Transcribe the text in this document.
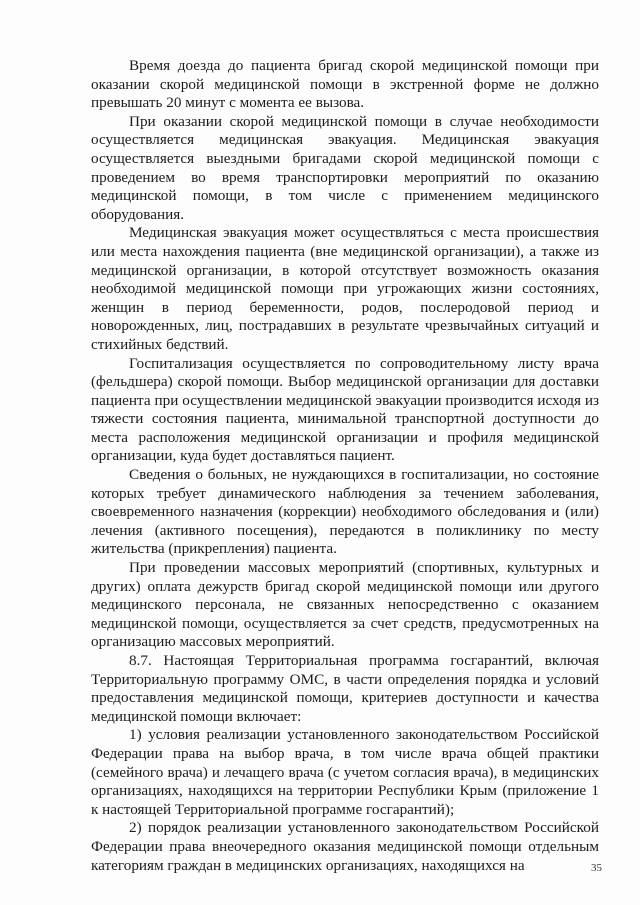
Время доезда до пациента бригад скорой медицинской помощи при оказании скорой медицинской помощи в экстренной форме не должно превышать 20 минут с момента ее вызова.

При оказании скорой медицинской помощи в случае необходимости осуществляется медицинская эвакуация. Медицинская эвакуация осуществляется выездными бригадами скорой медицинской помощи с проведением во время транспортировки мероприятий по оказанию медицинской помощи, в том числе с применением медицинского оборудования.

Медицинская эвакуация может осуществляться с места происшествия или места нахождения пациента (вне медицинской организации), а также из медицинской организации, в которой отсутствует возможность оказания необходимой медицинской помощи при угрожающих жизни состояниях, женщин в период беременности, родов, послеродовой период и новорожденных, лиц, пострадавших в результате чрезвычайных ситуаций и стихийных бедствий.

Госпитализация осуществляется по сопроводительному листу врача (фельдшера) скорой помощи. Выбор медицинской организации для доставки пациента при осуществлении медицинской эвакуации производится исходя из тяжести состояния пациента, минимальной транспортной доступности до места расположения медицинской организации и профиля медицинской организации, куда будет доставляться пациент.

Сведения о больных, не нуждающихся в госпитализации, но состояние которых требует динамического наблюдения за течением заболевания, своевременного назначения (коррекции) необходимого обследования и (или) лечения (активного посещения), передаются в поликлинику по месту жительства (прикрепления) пациента.

При проведении массовых мероприятий (спортивных, культурных и других) оплата дежурств бригад скорой медицинской помощи или другого медицинского персонала, не связанных непосредственно с оказанием медицинской помощи, осуществляется за счет средств, предусмотренных на организацию массовых мероприятий.

8.7. Настоящая Территориальная программа госгарантий, включая Территориальную программу ОМС, в части определения порядка и условий предоставления медицинской помощи, критериев доступности и качества медицинской помощи включает:

1) условия реализации установленного законодательством Российской Федерации права на выбор врача, в том числе врача общей практики (семейного врача) и лечащего врача (с учетом согласия врача), в медицинских организациях, находящихся на территории Республики Крым (приложение 1 к настоящей Территориальной программе госгарантий);

2) порядок реализации установленного законодательством Российской Федерации права внеочередного оказания медицинской помощи отдельным категориям граждан в медицинских организациях, находящихся на	35
